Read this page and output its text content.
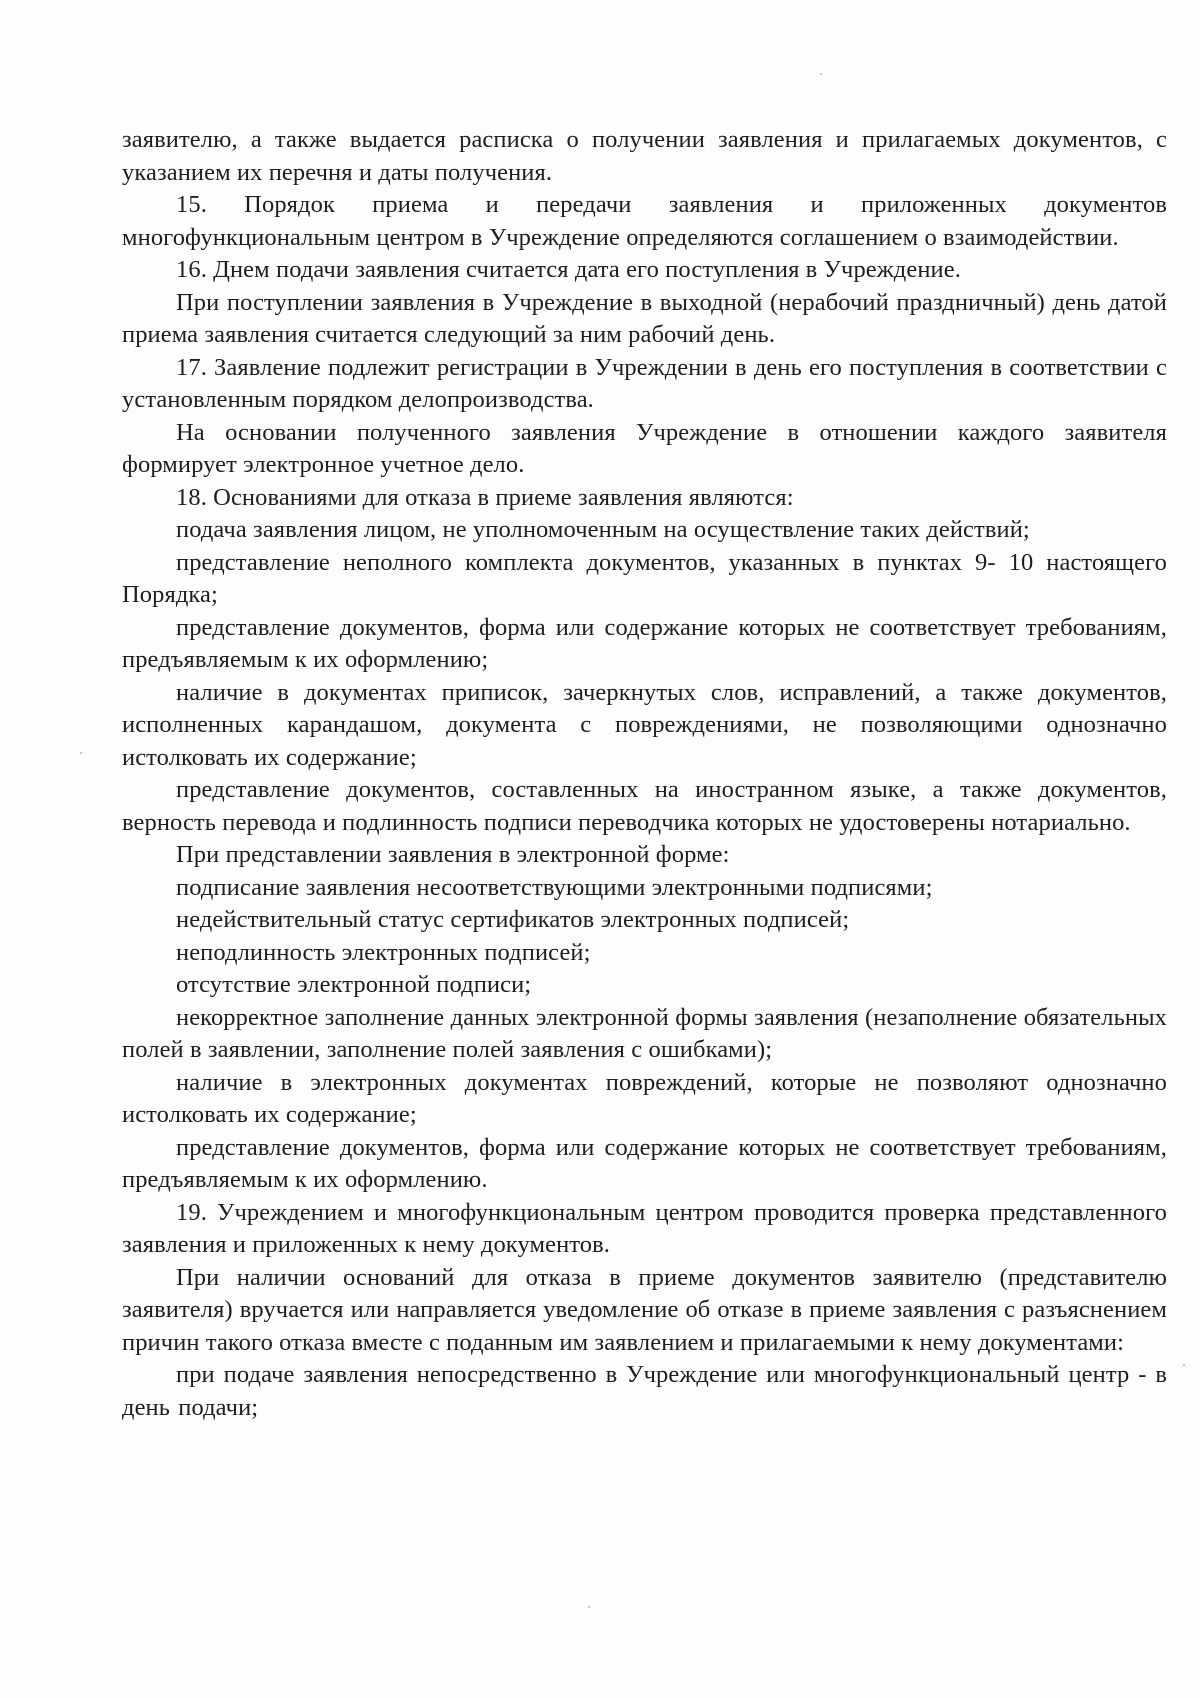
заявителю, а также выдается расписка о получении заявления и прилагаемых документов, с указанием их перечня и даты получения.

15. Порядок приема и передачи заявления и приложенных документов многофункциональным центром в Учреждение определяются соглашением о взаимодействии.

16. Днем подачи заявления считается дата его поступления в Учреждение.

При поступлении заявления в Учреждение в выходной (нерабочий праздничный) день датой приема заявления считается следующий за ним рабочий день.

17. Заявление подлежит регистрации в Учреждении в день его поступления в соответствии с установленным порядком делопроизводства.

На основании полученного заявления Учреждение в отношении каждого заявителя формирует электронное учетное дело.

18. Основаниями для отказа в приеме заявления являются:

подача заявления лицом, не уполномоченным на осуществление таких действий;

представление неполного комплекта документов, указанных в пунктах 9- 10 настоящего Порядка;

представление документов, форма или содержание которых не соответствует требованиям, предъявляемым к их оформлению;

наличие в документах приписок, зачеркнутых слов, исправлений, а также документов, исполненных карандашом, документа с повреждениями, не позволяющими однозначно истолковать их содержание;

представление документов, составленных на иностранном языке, а также документов, верность перевода и подлинность подписи переводчика которых не удостоверены нотариально.

При представлении заявления в электронной форме:

подписание заявления несоответствующими электронными подписями;

недействительный статус сертификатов электронных подписей;

неподлинность электронных подписей;

отсутствие электронной подписи;

некорректное заполнение данных электронной формы заявления (незаполнение обязательных полей в заявлении, заполнение полей заявления с ошибками);

наличие в электронных документах повреждений, которые не позволяют однозначно истолковать их содержание;

представление документов, форма или содержание которых не соответствует требованиям, предъявляемым к их оформлению.

19. Учреждением и многофункциональным центром проводится проверка представленного заявления и приложенных к нему документов.

При наличии оснований для отказа в приеме документов заявителю (представителю заявителя) вручается или направляется уведомление об отказе в приеме заявления с разъяснением причин такого отказа вместе с поданным им заявлением и прилагаемыми к нему документами:

при подаче заявления непосредственно в Учреждение или многофункциональный центр - в день подачи;
